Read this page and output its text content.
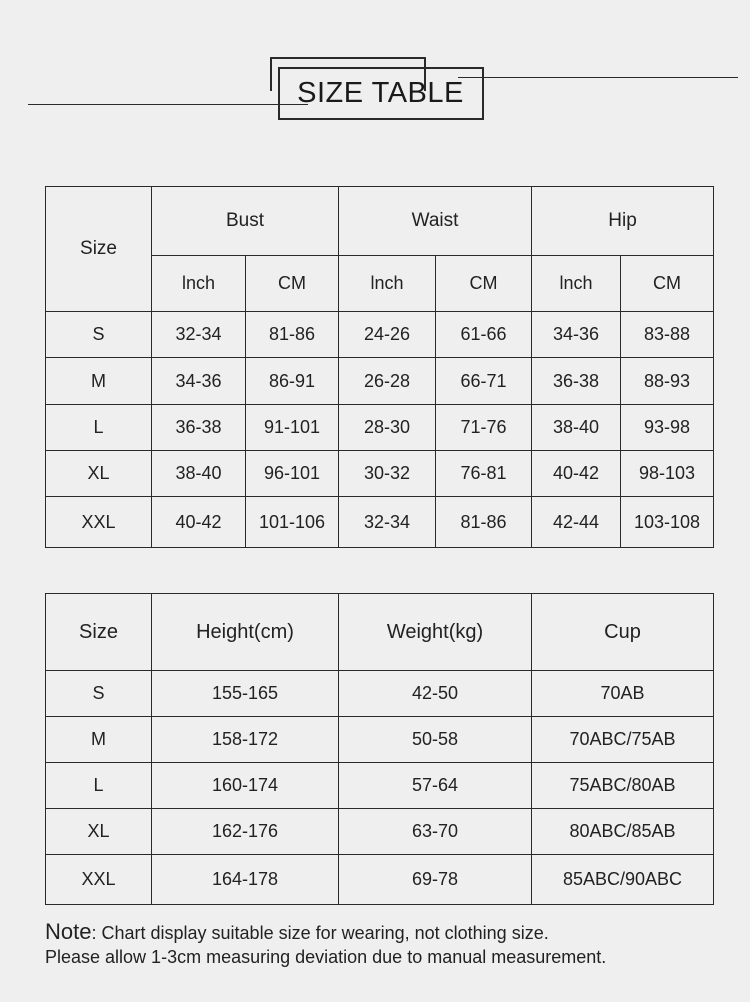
SIZE TABLE
Size	Bust		Waist		Hip	
	lnch	CM	lnch	CM	lnch	CM
S	32-34	81-86	24-26	61-66	34-36	83-88
M	34-36	86-91	26-28	66-71	36-38	88-93
L	36-38	91-101	28-30	71-76	38-40	93-98
XL	38-40	96-101	30-32	76-81	40-42	98-103
XXL	40-42	101-106	32-34	81-86	42-44	103-108
Size	Height(cm)	Weight(kg)	Cup
S	155-165	42-50	70AB
M	158-172	50-58	70ABC/75AB
L	160-174	57-64	75ABC/80AB
XL	162-176	63-70	80ABC/85AB
XXL	164-178	69-78	85ABC/90ABC
Note: Chart display suitable size for wearing, not clothing size.
Please allow 1-3cm measuring deviation due to manual measurement.
